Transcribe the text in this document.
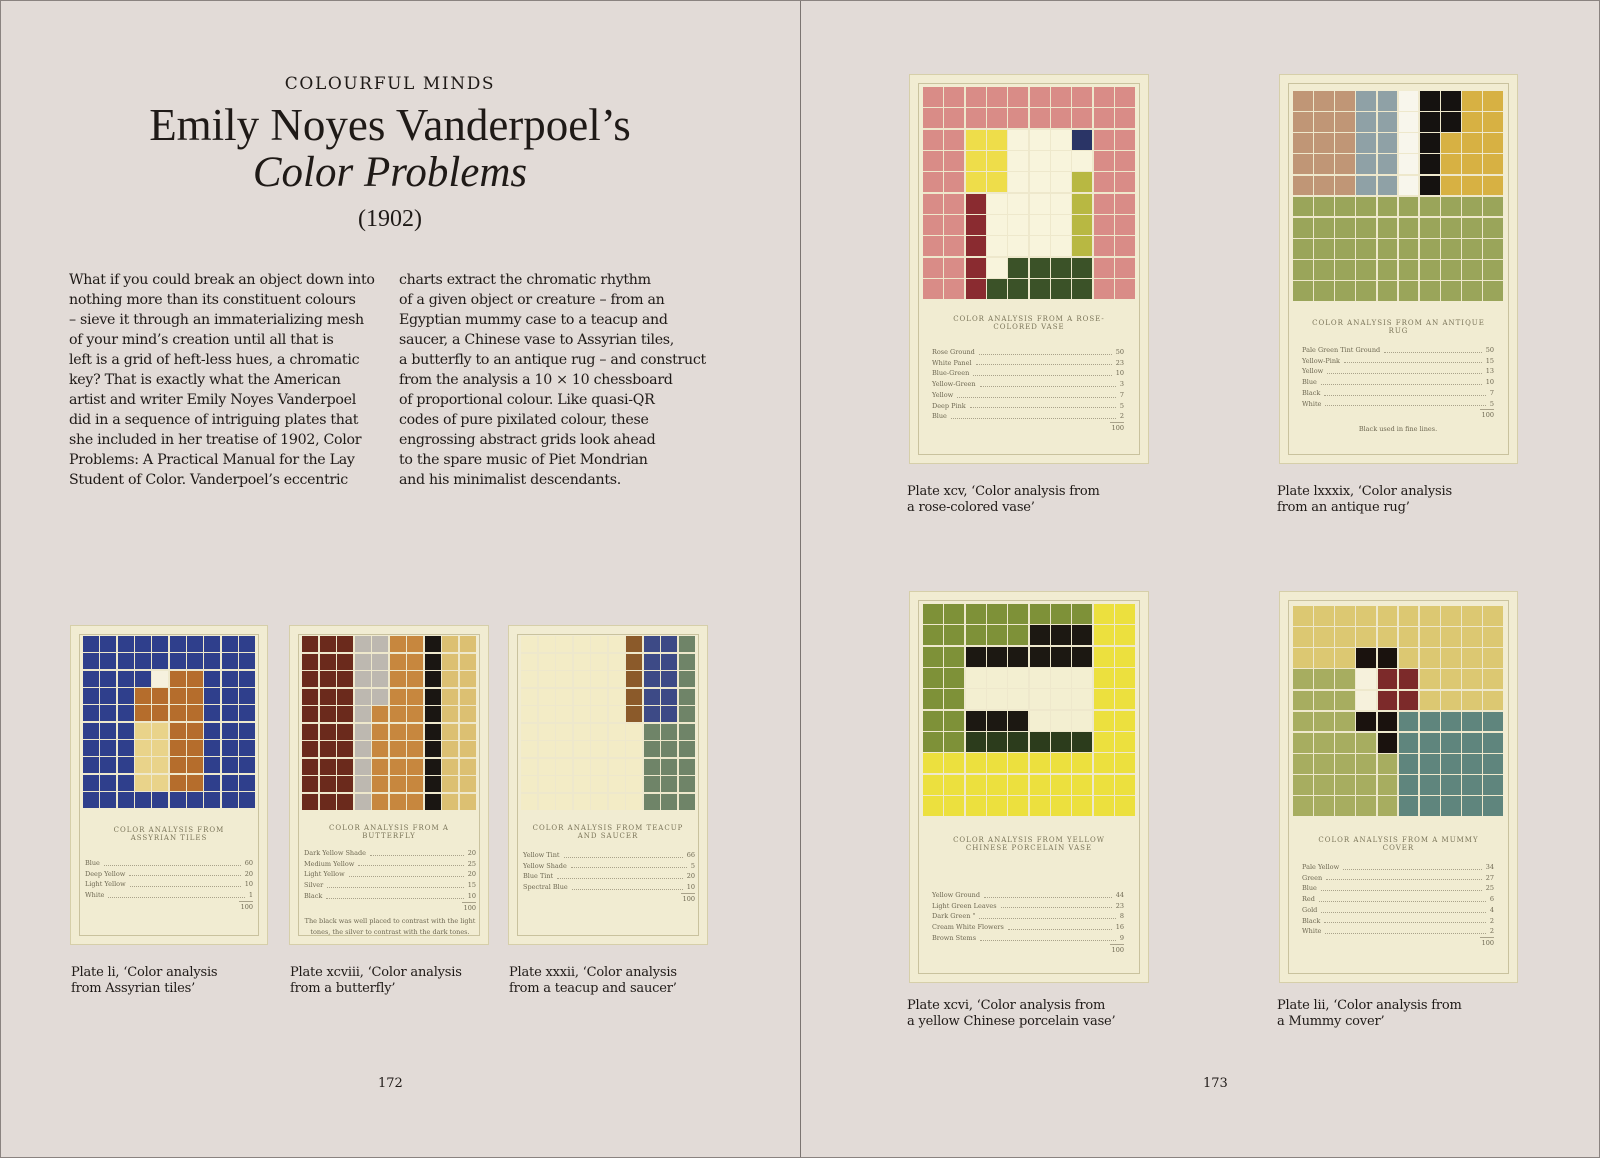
COLOURFUL MINDS
Emily Noyes Vanderpoel’s
Color Problems
(1902)
What if you could break an object down into
nothing more than its constituent colours
– sieve it through an immaterializing mesh
of your mind’s creation until all that is
left is a grid of heft-less hues, a chromatic
key? That is exactly what the American
artist and writer Emily Noyes Vanderpoel
did in a sequence of intriguing plates that
she included in her treatise of 1902, Color
Problems: A Practical Manual for the Lay
Student of Color. Vanderpoel’s eccentric
charts extract the chromatic rhythm
of a given object or creature – from an
Egyptian mummy case to a teacup and
saucer, a Chinese vase to Assyrian tiles,
a butterfly to an antique rug – and construct
from the analysis a 10 × 10 chessboard
of proportional colour. Like quasi-QR
codes of pure pixilated colour, these
engrossing abstract grids look ahead
to the spare music of Piet Mondrian
and his minimalist descendants.
172	173
COLOR ANALYSIS FROM ASSYRIAN TILES
Blue	60
Deep Yellow	20
Light Yellow	10
White	1
100
Plate li, ‘Color analysis
from Assyrian tiles’
COLOR ANALYSIS FROM A BUTTERFLY
Dark Yellow Shade	20
Medium Yellow	25
Light Yellow	20
Silver	15
Black	10
100
The black was well placed to contrast with the light tones, the silver to contrast with the dark tones.
Plate xcviii, ‘Color analysis
from a butterfly’
COLOR ANALYSIS FROM TEACUP AND SAUCER
Yellow Tint	66
Yellow Shade	5
Blue Tint	20
Spectral Blue	10
100
Plate xxxii, ‘Color analysis
from a teacup and saucer’
COLOR ANALYSIS FROM A ROSE-COLORED VASE
Rose Ground	50
White Panel	23
Blue-Green	10
Yellow-Green	3
Yellow	7
Deep Pink	5
Blue	2
100
Plate xcv, ‘Color analysis from
a rose-colored vase’
COLOR ANALYSIS FROM AN ANTIQUE RUG
Pale Green Tint Ground	50
Yellow-Pink	15
Yellow	13
Blue	10
Black	7
White	5
100
Black used in fine lines.
Plate lxxxix, ‘Color analysis
from an antique rug’
COLOR ANALYSIS FROM YELLOW CHINESE PORCELAIN VASE
Yellow Ground	44
Light Green Leaves	23
Dark Green "	8
Cream White Flowers	16
Brown Stems	9
100
Plate xcvi, ‘Color analysis from
a yellow Chinese porcelain vase’
COLOR ANALYSIS FROM A MUMMY COVER
Pale Yellow	34
Green	27
Blue	25
Red	6
Gold	4
Black	2
White	2
100
Plate lii, ‘Color analysis from
a Mummy cover’
